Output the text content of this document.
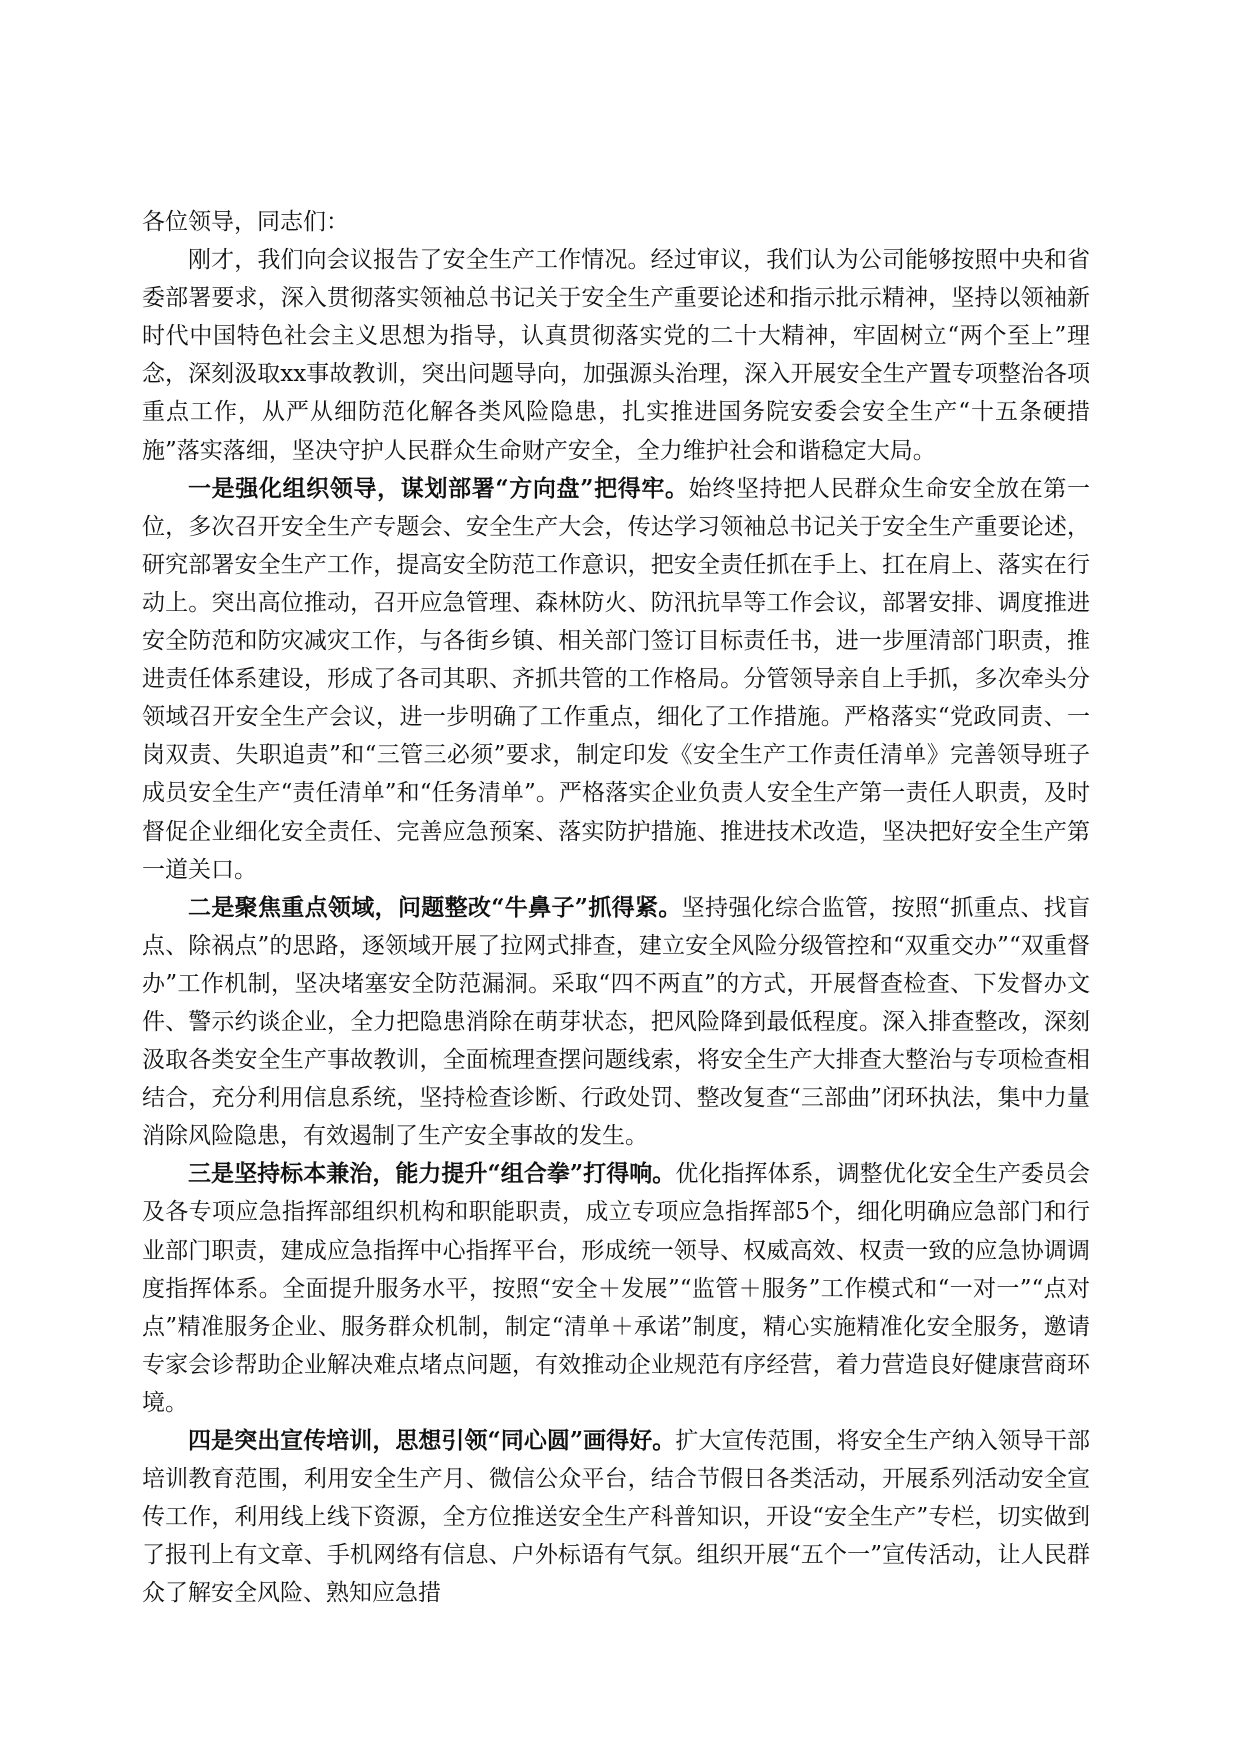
各位领导，同志们：

刚才，我们向会议报告了安全生产工作情况。经过审议，我们认为公司能够按照中央和省委部署要求，深入贯彻落实领袖总书记关于安全生产重要论述和指示批示精神，坚持以领袖新时代中国特色社会主义思想为指导，认真贯彻落实党的二十大精神，牢固树立“两个至上”理念，深刻汲取xx事故教训，突出问题导向，加强源头治理，深入开展安全生产置专项整治各项重点工作，从严从细防范化解各类风险隐患，扎实推进国务院安委会安全生产“十五条硬措施”落实落细，坚决守护人民群众生命财产安全，全力维护社会和谐稳定大局。

一是强化组织领导，谋划部署“方向盘”把得牢。始终坚持把人民群众生命安全放在第一位，多次召开安全生产专题会、安全生产大会，传达学习领袖总书记关于安全生产重要论述，研究部署安全生产工作，提高安全防范工作意识，把安全责任抓在手上、扛在肩上、落实在行动上。突出高位推动，召开应急管理、森林防火、防汛抗旱等工作会议，部署安排、调度推进安全防范和防灾减灾工作，与各街乡镇、相关部门签订目标责任书，进一步厘清部门职责，推进责任体系建设，形成了各司其职、齐抓共管的工作格局。分管领导亲自上手抓，多次牵头分领域召开安全生产会议，进一步明确了工作重点，细化了工作措施。严格落实“党政同责、一岗双责、失职追责”和“三管三必须”要求，制定印发《安全生产工作责任清单》完善领导班子成员安全生产“责任清单”和“任务清单”。严格落实企业负责人安全生产第一责任人职责，及时督促企业细化安全责任、完善应急预案、落实防护措施、推进技术改造，坚决把好安全生产第一道关口。

二是聚焦重点领域，问题整改“牛鼻子”抓得紧。坚持强化综合监管，按照“抓重点、找盲点、除祸点”的思路，逐领域开展了拉网式排查，建立安全风险分级管控和“双重交办”“双重督办”工作机制，坚决堵塞安全防范漏洞。采取“四不两直”的方式，开展督查检查、下发督办文件、警示约谈企业，全力把隐患消除在萌芽状态，把风险降到最低程度。深入排查整改，深刻汲取各类安全生产事故教训，全面梳理查摆问题线索，将安全生产大排查大整治与专项检查相结合，充分利用信息系统，坚持检查诊断、行政处罚、整改复查“三部曲”闭环执法，集中力量消除风险隐患，有效遏制了生产安全事故的发生。

三是坚持标本兼治，能力提升“组合拳”打得响。优化指挥体系，调整优化安全生产委员会及各专项应急指挥部组织机构和职能职责，成立专项应急指挥部5个，细化明确应急部门和行业部门职责，建成应急指挥中心指挥平台，形成统一领导、权威高效、权责一致的应急协调调度指挥体系。全面提升服务水平，按照“安全＋发展”“监管＋服务”工作模式和“一对一”“点对点”精准服务企业、服务群众机制，制定“清单＋承诺”制度，精心实施精准化安全服务，邀请专家会诊帮助企业解决难点堵点问题，有效推动企业规范有序经营，着力营造良好健康营商环境。

四是突出宣传培训，思想引领“同心圆”画得好。扩大宣传范围，将安全生产纳入领导干部培训教育范围，利用安全生产月、微信公众平台，结合节假日各类活动，开展系列活动安全宣传工作，利用线上线下资源，全方位推送安全生产科普知识，开设“安全生产”专栏，切实做到了报刊上有文章、手机网络有信息、户外标语有气氛。组织开展“五个一”宣传活动，让人民群众了解安全风险、熟知应急措
